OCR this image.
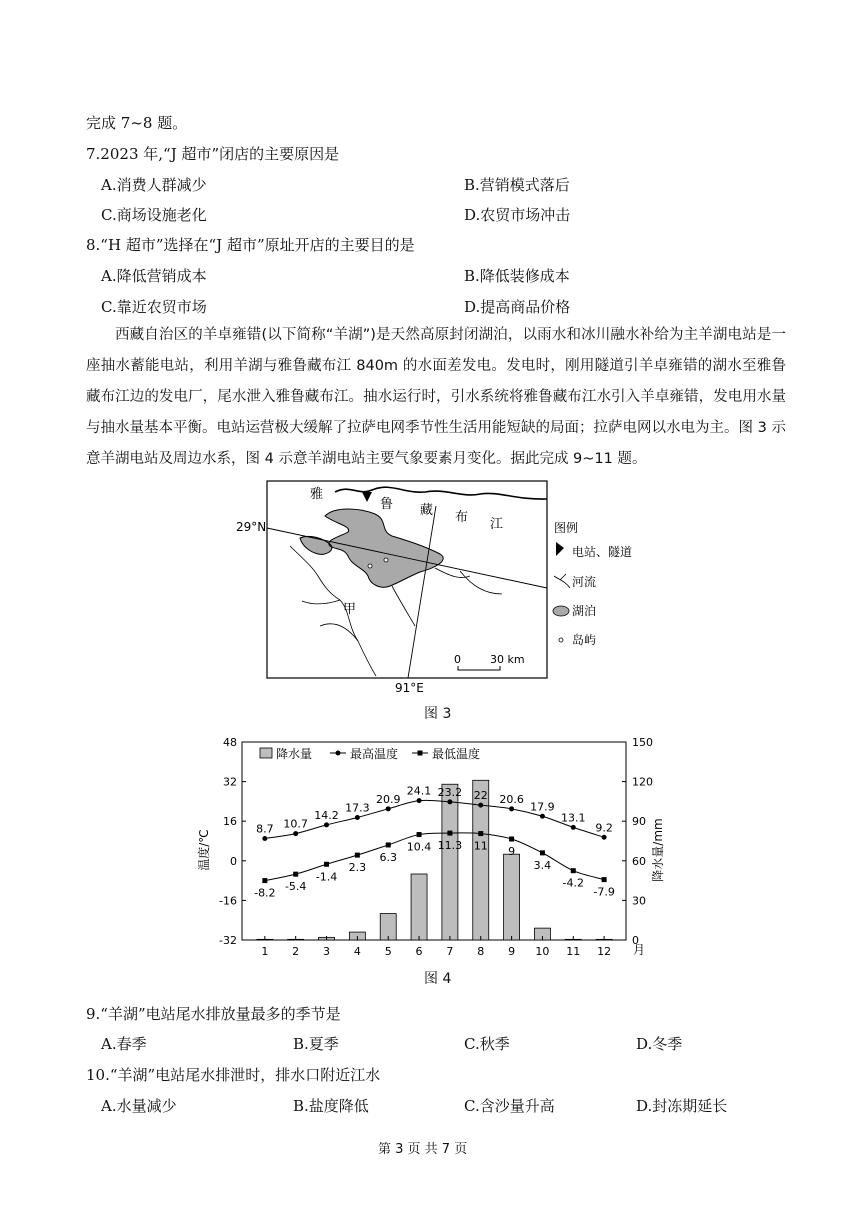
完成 7~8 题。
7.2023 年,“J 超市”闭店的主要原因是
A.消费人群减少	B.营销模式落后
C.商场设施老化	D.农贸市场冲击
8.“H 超市”选择在“J 超市”原址开店的主要目的是
A.降低营销成本	B.降低装修成本
C.靠近农贸市场	D.提高商品价格
西藏自治区的羊卓雍错(以下简称“羊湖”)是天然高原封闭湖泊，以雨水和冰川融水补给为主羊湖电站是一座抽水蓄能电站，利用羊湖与雅鲁藏布江 840m 的水面差发电。发电时，刚用隧道引羊卓雍错的湖水至雅鲁藏布江边的发电厂，尾水泄入雅鲁藏布江。抽水运行时，引水系统将雅鲁藏布江水引入羊卓雍错，发电用水量与抽水量基本平衡。电站运营极大缓解了拉萨电网季节性生活用能短缺的局面；拉萨电网以水电为主。图 3 示意羊湖电站及周边水系，图 4 示意羊湖电站主要气象要素月变化。据此完成 9~11 题。
雅
鲁 藏 布 江
29°N
91°E
甲
0	30 km
图例
电站、隧道
河流
湖泊
岛屿
图 3
8.7 10.7
14.2
17.3
20.9
24.1 23.2 22 20.6
17.9
13.1
9.2
-8.2 -5.4
-1.4
2.3
6.3
10.4 11.3 11 9
3.4
-4.2
-7.9
48
32
16
0
-16
-32
150
120
90
60
30
0
1 2 3 4 5 6 7 8 9 10 11 12
温度/℃	降水量/mm
月
降水量	最高温度	最低温度
图 4
9.“羊湖”电站尾水排放量最多的季节是
A.春季	B.夏季	C.秋季	D.冬季
10.“羊湖”电站尾水排泄时，排水口附近江水
A.水量减少	B.盐度降低	C.含沙量升高	D.封冻期延长
第 3 页 共 7 页
